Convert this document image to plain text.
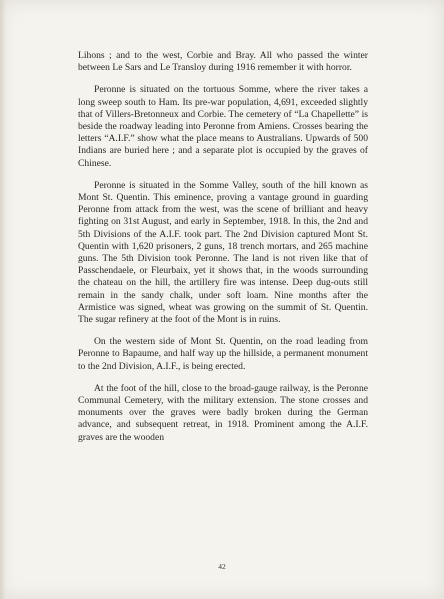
Lihons ; and to the west, Corbie and Bray. All who passed the winter between Le Sars and Le Transloy during 1916 remember it with horror.

Peronne is situated on the tortuous Somme, where the river takes a long sweep south to Ham. Its pre-war population, 4,691, exceeded slightly that of Villers-Bretonneux and Corbie. The cemetery of “La Chapellette” is beside the roadway leading into Peronne from Amiens. Crosses bearing the letters “A.I.F.” show what the place means to Australians. Upwards of 500 Indians are buried here ; and a separate plot is occupied by the graves of Chinese.

Peronne is situated in the Somme Valley, south of the hill known as Mont St. Quentin. This eminence, proving a vantage ground in guarding Peronne from attack from the west, was the scene of brilliant and heavy fighting on 31st August, and early in September, 1918. In this, the 2nd and 5th Divisions of the A.I.F. took part. The 2nd Division captured Mont St. Quentin with 1,620 prisoners, 2 guns, 18 trench mortars, and 265 machine guns. The 5th Division took Peronne. The land is not riven like that of Passchendaele, or Fleurbaix, yet it shows that, in the woods surrounding the chateau on the hill, the artillery fire was intense. Deep dug-outs still remain in the sandy chalk, under soft loam. Nine months after the Armistice was signed, wheat was growing on the summit of St. Quentin. The sugar refinery at the foot of the Mont is in ruins.

On the western side of Mont St. Quentin, on the road leading from Peronne to Bapaume, and half way up the hillside, a permanent monument to the 2nd Division, A.I.F., is being erected.

At the foot of the hill, close to the broad-gauge railway, is the Peronne Communal Cemetery, with the military extension. The stone crosses and monuments over the graves were badly broken during the German advance, and subsequent retreat, in 1918. Prominent among the A.I.F. graves are the wooden

42
